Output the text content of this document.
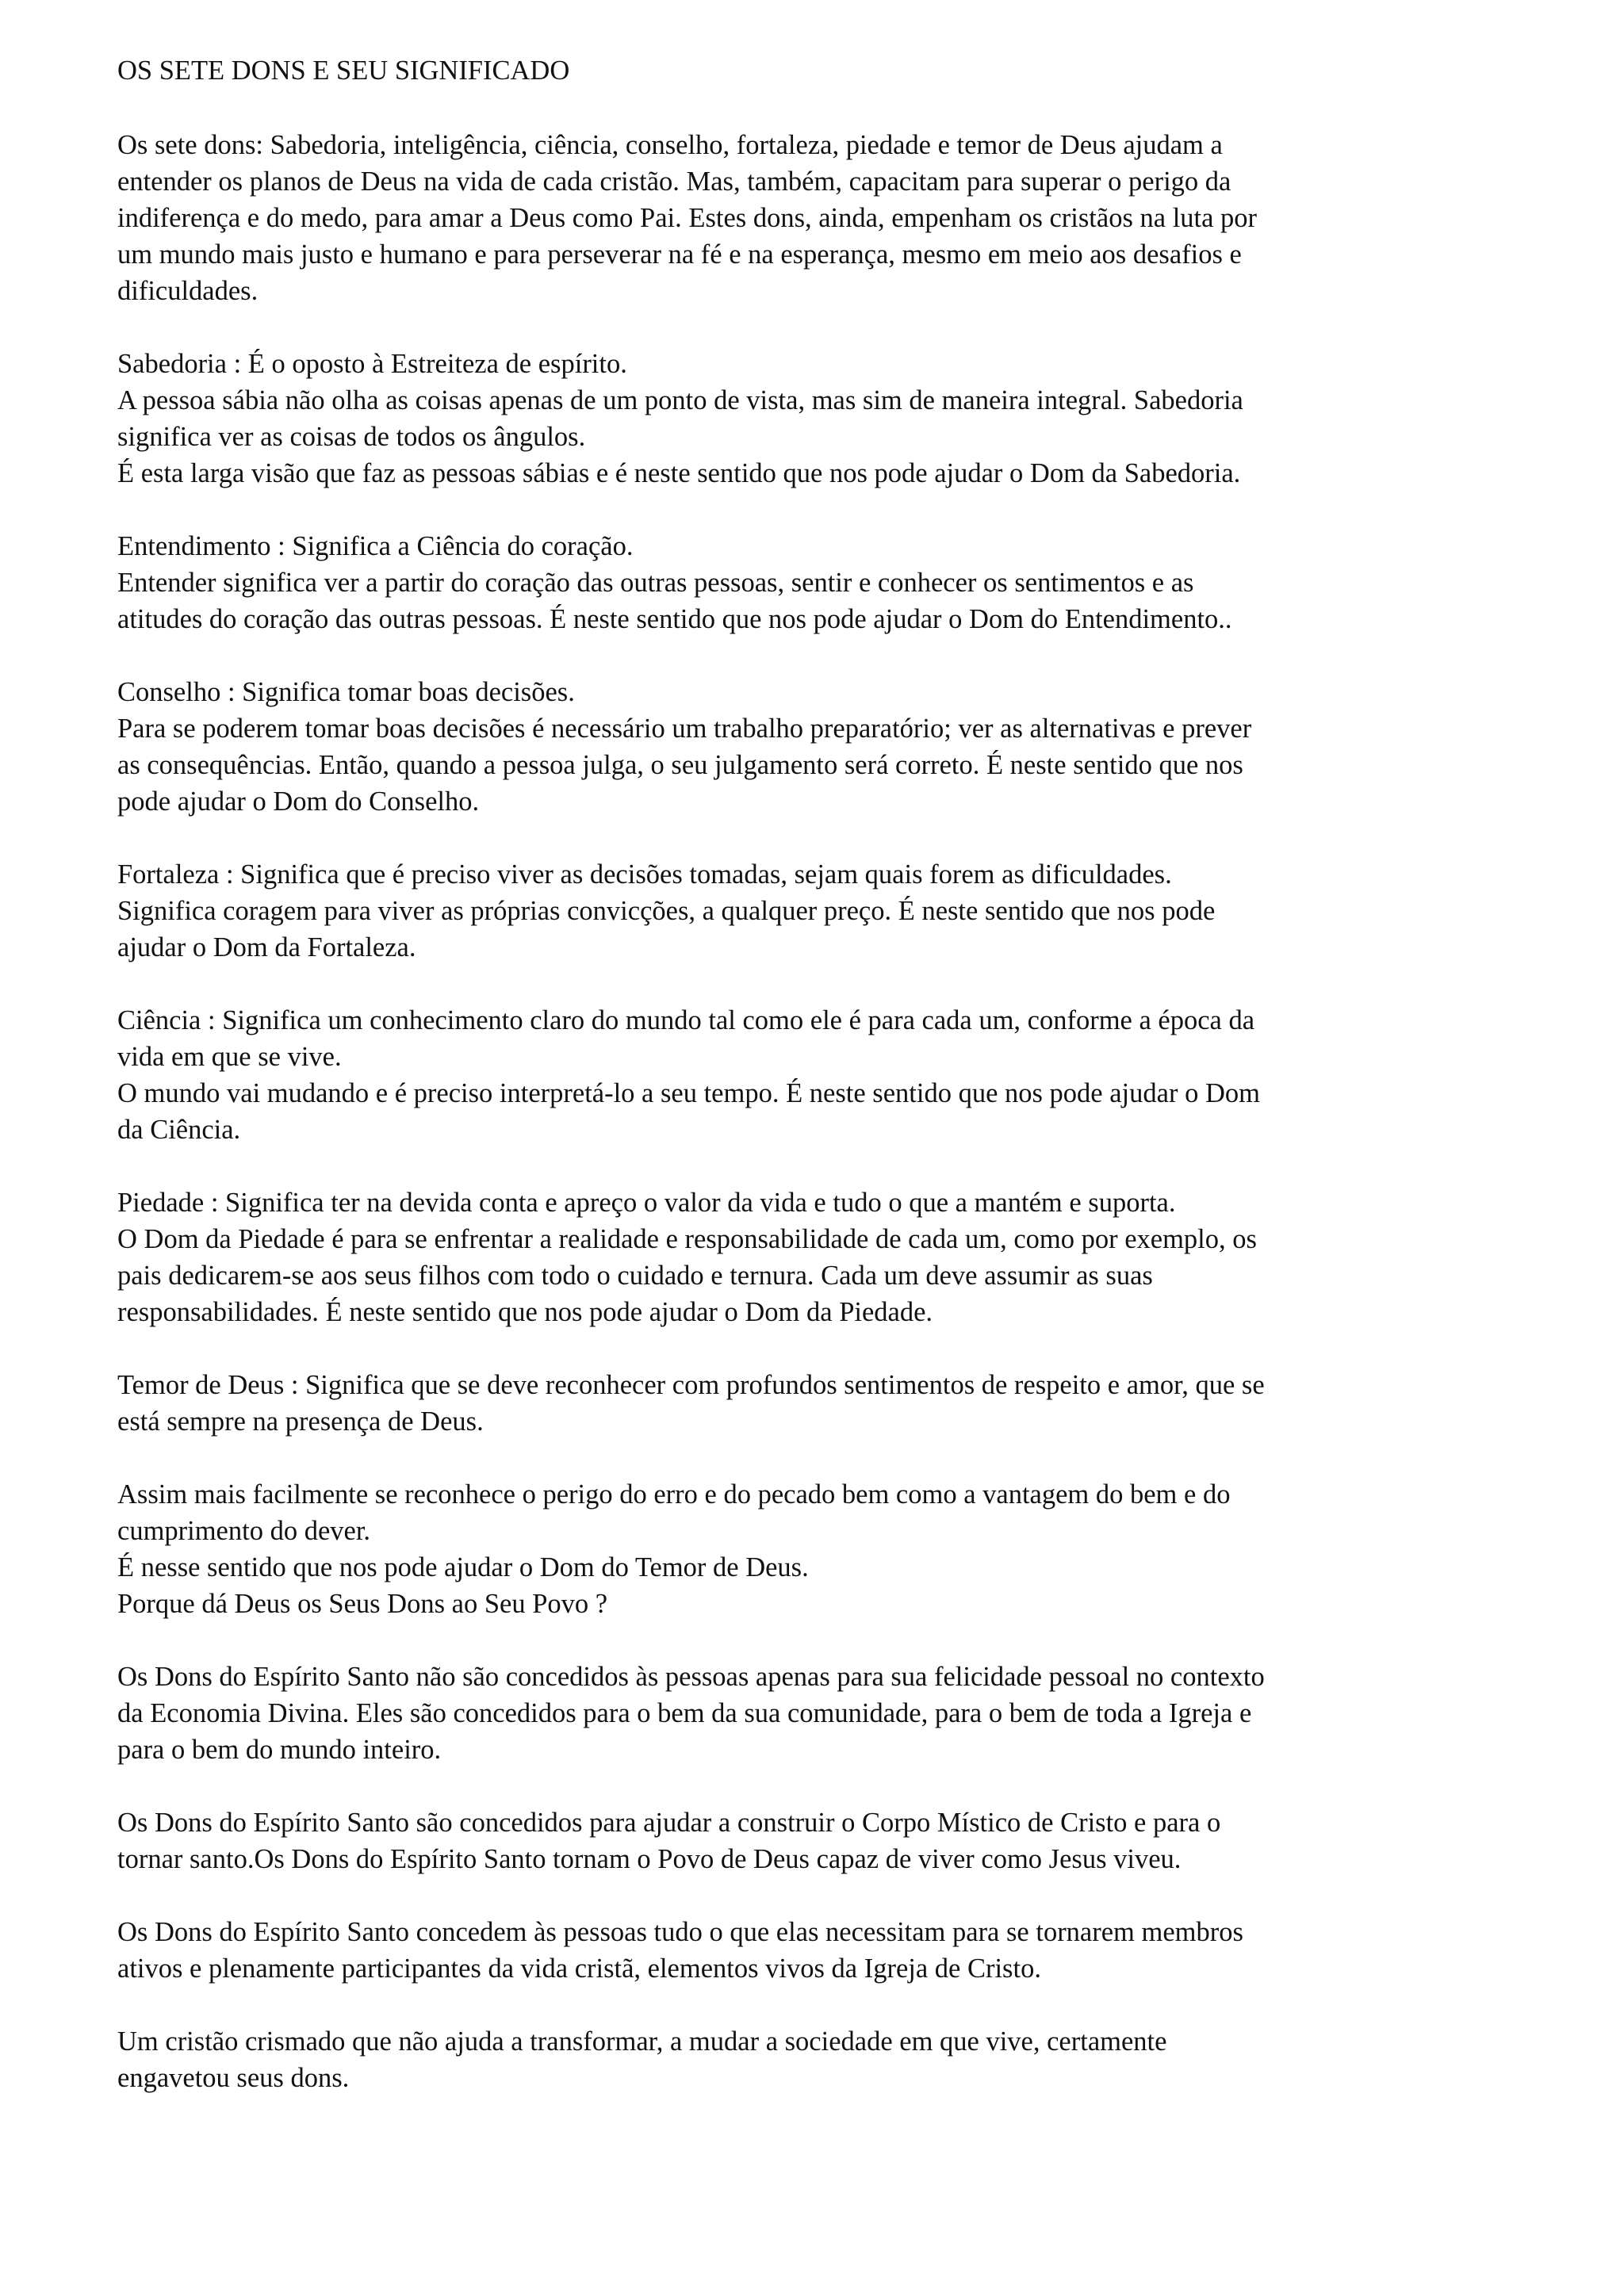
OS SETE DONS E SEU SIGNIFICADO
Os sete dons: Sabedoria, inteligência, ciência, conselho, fortaleza, piedade e temor de Deus ajudam a
entender os planos de Deus na vida de cada cristão. Mas, também, capacitam para superar o perigo da
indiferença e do medo, para amar a Deus como Pai. Estes dons, ainda, empenham os cristãos na luta por
um mundo mais justo e humano e para perseverar na fé e na esperança, mesmo em meio aos desafios e
dificuldades.
Sabedoria : É o oposto à Estreiteza de espírito.
A pessoa sábia não olha as coisas apenas de um ponto de vista, mas sim de maneira integral. Sabedoria
significa ver as coisas de todos os ângulos.
É esta larga visão que faz as pessoas sábias e é neste sentido que nos pode ajudar o Dom da Sabedoria.
Entendimento : Significa a Ciência do coração.
Entender significa ver a partir do coração das outras pessoas, sentir e conhecer os sentimentos e as
atitudes do coração das outras pessoas. É neste sentido que nos pode ajudar o Dom do Entendimento..
Conselho : Significa tomar boas decisões.
Para se poderem tomar boas decisões é necessário um trabalho preparatório; ver as alternativas e prever
as consequências. Então, quando a pessoa julga, o seu julgamento será correto. É neste sentido que nos
pode ajudar o Dom do Conselho.
Fortaleza : Significa que é preciso viver as decisões tomadas, sejam quais forem as dificuldades.
Significa coragem para viver as próprias convicções, a qualquer preço. É neste sentido que nos pode
ajudar o Dom da Fortaleza.
Ciência : Significa um conhecimento claro do mundo tal como ele é para cada um, conforme a época da
vida em que se vive.
O mundo vai mudando e é preciso interpretá-lo a seu tempo. É neste sentido que nos pode ajudar o Dom
da Ciência.
Piedade : Significa ter na devida conta e apreço o valor da vida e tudo o que a mantém e suporta.
O Dom da Piedade é para se enfrentar a realidade e responsabilidade de cada um, como por exemplo, os
pais dedicarem-se aos seus filhos com todo o cuidado e ternura. Cada um deve assumir as suas
responsabilidades. É neste sentido que nos pode ajudar o Dom da Piedade.
Temor de Deus : Significa que se deve reconhecer com profundos sentimentos de respeito e amor, que se
está sempre na presença de Deus.
Assim mais facilmente se reconhece o perigo do erro e do pecado bem como a vantagem do bem e do
cumprimento do dever.
É nesse sentido que nos pode ajudar o Dom do Temor de Deus.
Porque dá Deus os Seus Dons ao Seu Povo ?
Os Dons do Espírito Santo não são concedidos às pessoas apenas para sua felicidade pessoal no contexto
da Economia Divina. Eles são concedidos para o bem da sua comunidade, para o bem de toda a Igreja e
para o bem do mundo inteiro.
Os Dons do Espírito Santo são concedidos para ajudar a construir o Corpo Místico de Cristo e para o
tornar santo.Os Dons do Espírito Santo tornam o Povo de Deus capaz de viver como Jesus viveu.
Os Dons do Espírito Santo concedem às pessoas tudo o que elas necessitam para se tornarem membros
ativos e plenamente participantes da vida cristã, elementos vivos da Igreja de Cristo.
Um cristão crismado que não ajuda a transformar, a mudar a sociedade em que vive, certamente
engavetou seus dons.
